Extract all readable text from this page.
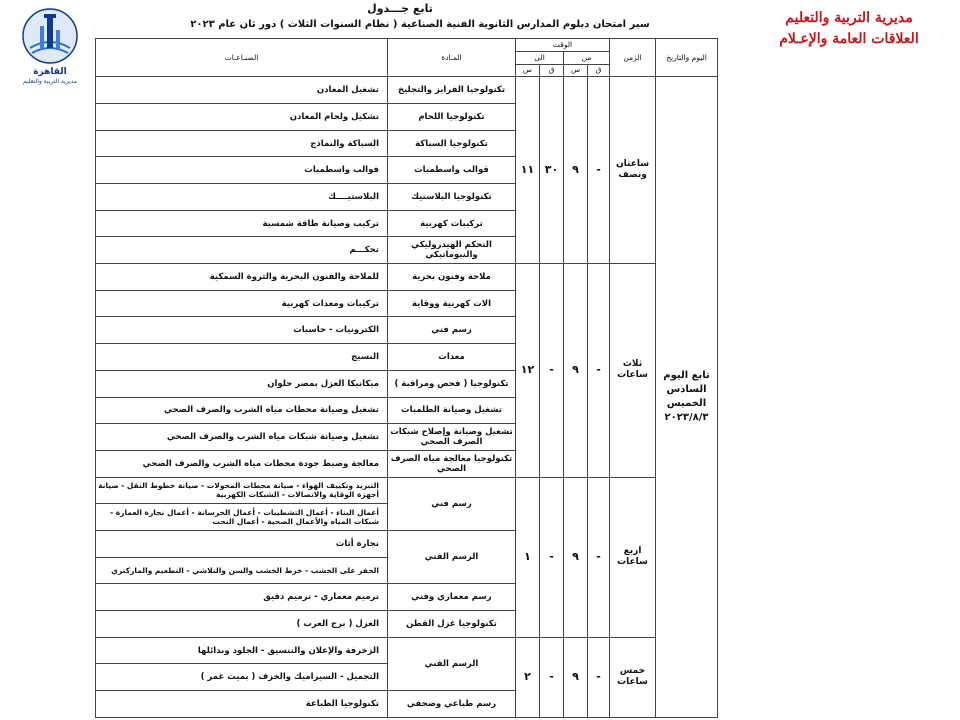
القاهرة
مديرية التربية والتعليم
مديرية التربية والتعليم
العلاقات العامة والإعـلام
تابع جـــدول
سير امتحان دبلوم المدارس الثانوية الفنية الصناعية ( نظام السنوات الثلاث ) دور ثان عام ٢٠٢٣
اليوم والتاريخ	الزمن	الوقت				المـادة	الصنـاعـات
		من		الى			
		ق	س	ق	س		
تابع اليوم السادس الخميس ٢٠٢٣/٨/٣	ساعتان ونصف	-	٩	٣٠	١١	تكنولوجيا الفرايز والتجليخ	تشغيل المعادن
						تكنولوجيا اللحام	تشكيل ولحام المعادن
						تكنولوجيا السباكة	السباكة والنماذج
						قوالب واسطمبات	قوالب واسطمبات
						تكنولوجيا البلاستيك	البلاستيــــك
						تركيبات كهربية	تركيب وصيانة طاقة شمسية
						التحكم الهيدروليكي والنيوماتيكي	تحكـــم
	ثلاث ساعات	-	٩	-	١٢	ملاحة وفنون بحرية	للملاحة والفنون البحرية والثروة السمكية
						الات كهربية ووقاية	تركيبات ومعدات كهربية
						رسم فني	الكترونيات - حاسبات
						معدات	النسيج
						تكنولوجيا ( فحص ومراقبة )	ميكانيكا الغزل بمصر حلوان
						تشغيل وصيانة الطلمبات	تشغيل وصيانة محطات مياه الشرب والصرف الصحي
						تشغيل وصيانة وإصلاح شبكات الصرف الصحي	تشغيل وصيانة شبكات مياه الشرب والصرف الصحي
						تكنولوجيا معالجة مياه الصرف الصحي	معالجة وضبط جودة محطات مياه الشرب والصرف الصحي
	اربع ساعات	-	٩	-	١	رسم فني	التبريد وتكييف الهواء - صيانة محطات المحولات - صيانة خطوط النقل - صيانة أجهزة الوقاية والاتصالات - الشبكات الكهربية
							أعمال البناء - أعمال التشطيبات - أعمال الخرسانة - أعمال نجارة العمارة - شبكات المياه والأعمال الصحية - أعمال النحت
						الرسم الفني	نجارة أثاث
							الحفر على الخشب - خرط الخشب والسن والتلاشي - التطعيم والماركتري
						رسم معماري وفني	ترميم معماري - ترميم دقيق
						تكنولوجيا غزل القطن	الغزل ( برج العرب )
	خمس ساعات	-	٩	-	٢	الرسم الفني	الزخرفة والإعلان والتنسيق - الجلود وبدائلها
							التجميل - السيراميك والخزف ( بميت غمر )
						رسم طباعي وصحفي	تكنولوجيا الطباعة
